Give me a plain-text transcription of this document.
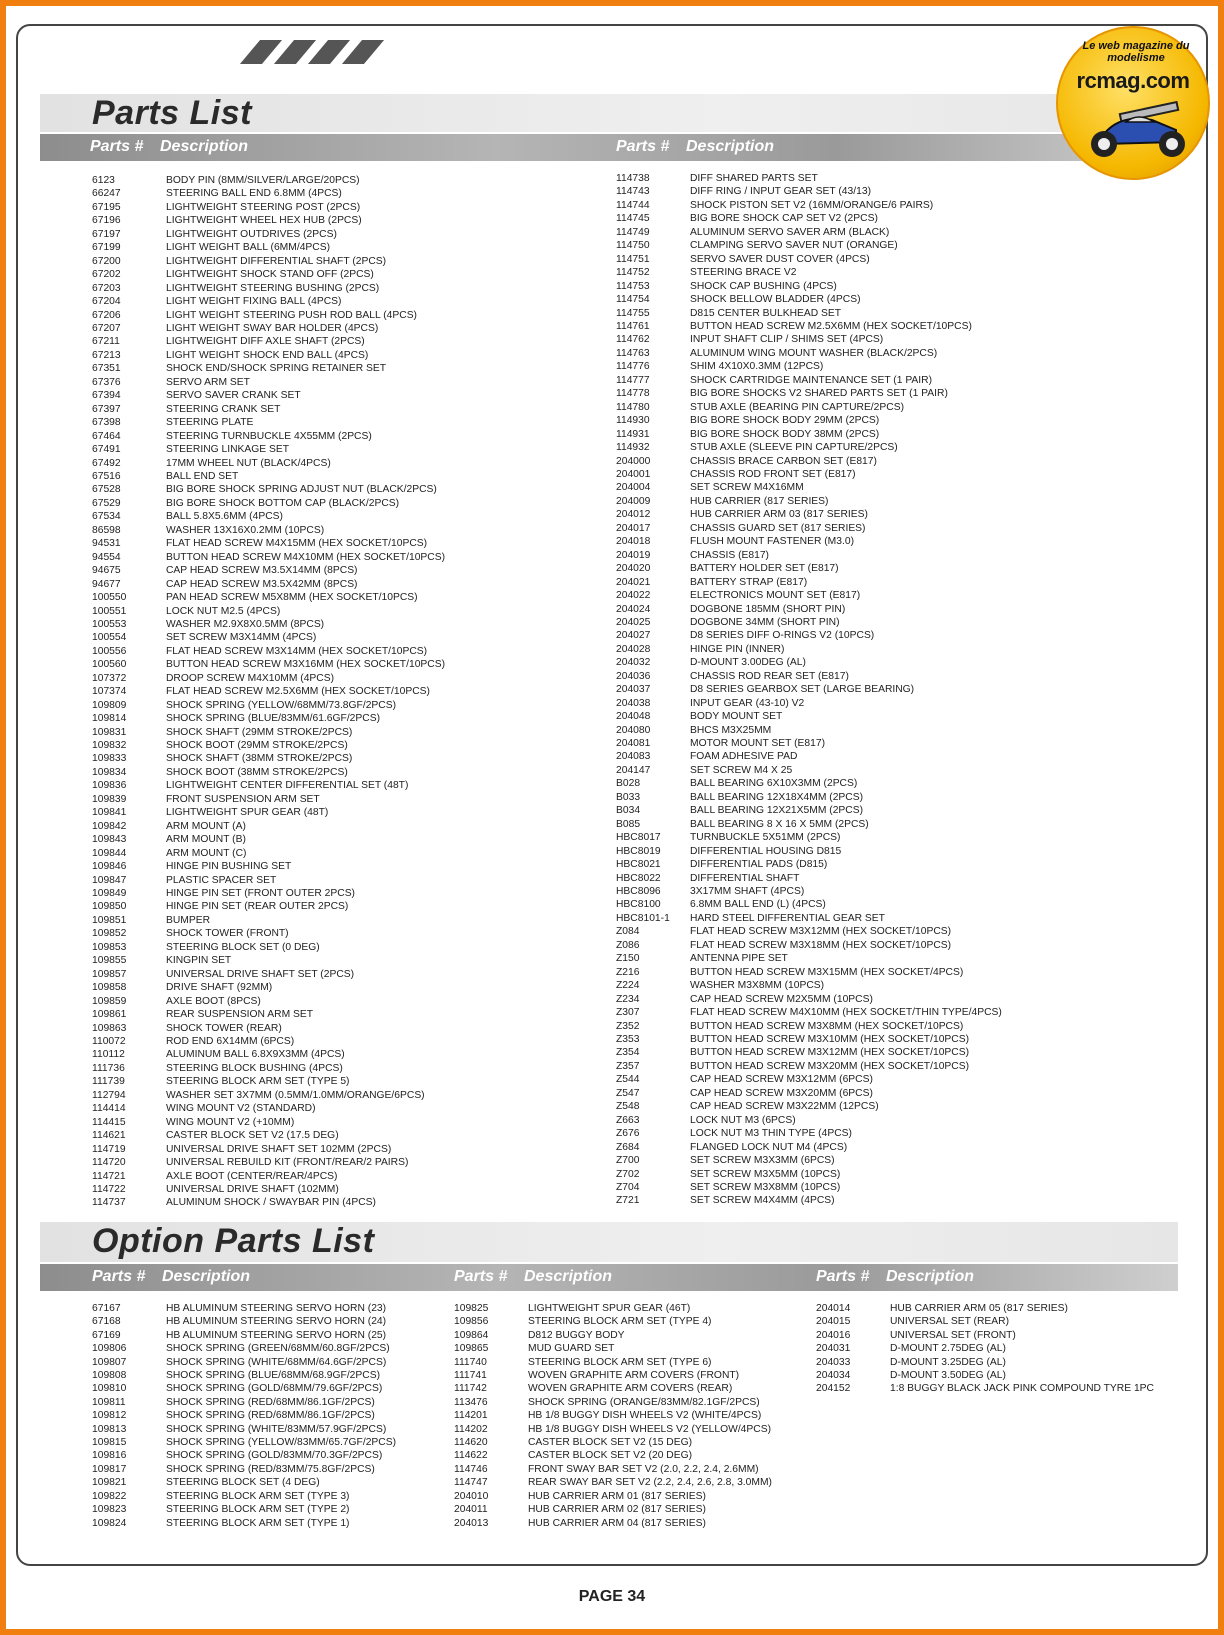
Parts List
Parts # Description	Parts # Description
6123	BODY PIN (8MM/SILVER/LARGE/20PCS)
66247	STEERING BALL END 6.8MM (4PCS)
67195	LIGHTWEIGHT STEERING POST (2PCS)
67196	LIGHTWEIGHT WHEEL HEX HUB (2PCS)
67197	LIGHTWEIGHT OUTDRIVES (2PCS)
67199	LIGHT WEIGHT BALL (6MM/4PCS)
67200	LIGHTWEIGHT DIFFERENTIAL SHAFT (2PCS)
67202	LIGHTWEIGHT SHOCK STAND OFF (2PCS)
67203	LIGHTWEIGHT STEERING BUSHING (2PCS)
67204	LIGHT WEIGHT FIXING BALL (4PCS)
67206	LIGHT WEIGHT STEERING PUSH ROD BALL (4PCS)
67207	LIGHT WEIGHT SWAY BAR HOLDER (4PCS)
67211	LIGHTWEIGHT DIFF AXLE SHAFT (2PCS)
67213	LIGHT WEIGHT SHOCK END BALL (4PCS)
67351	SHOCK END/SHOCK SPRING RETAINER SET
67376	SERVO ARM SET
67394	SERVO SAVER CRANK SET
67397	STEERING CRANK SET
67398	STEERING PLATE
67464	STEERING TURNBUCKLE 4X55MM (2PCS)
67491	STEERING LINKAGE SET
67492	17MM WHEEL NUT (BLACK/4PCS)
67516	BALL END SET
67528	BIG BORE SHOCK SPRING ADJUST NUT (BLACK/2PCS)
67529	BIG BORE SHOCK BOTTOM CAP (BLACK/2PCS)
67534	BALL 5.8X5.6MM (4PCS)
86598	WASHER 13X16X0.2MM (10PCS)
94531	FLAT HEAD SCREW M4X15MM (HEX SOCKET/10PCS)
94554	BUTTON HEAD SCREW M4X10MM (HEX SOCKET/10PCS)
94675	CAP HEAD SCREW M3.5X14MM (8PCS)
94677	CAP HEAD SCREW M3.5X42MM (8PCS)
100550	PAN HEAD SCREW M5X8MM (HEX SOCKET/10PCS)
100551	LOCK NUT M2.5 (4PCS)
100553	WASHER M2.9X8X0.5MM (8PCS)
100554	SET SCREW M3X14MM (4PCS)
100556	FLAT HEAD SCREW M3X14MM (HEX SOCKET/10PCS)
100560	BUTTON HEAD SCREW M3X16MM (HEX SOCKET/10PCS)
107372	DROOP SCREW M4X10MM (4PCS)
107374	FLAT HEAD SCREW M2.5X6MM (HEX SOCKET/10PCS)
109809	SHOCK SPRING (YELLOW/68MM/73.8GF/2PCS)
109814	SHOCK SPRING (BLUE/83MM/61.6GF/2PCS)
109831	SHOCK SHAFT (29MM STROKE/2PCS)
109832	SHOCK BOOT (29MM STROKE/2PCS)
109833	SHOCK SHAFT (38MM STROKE/2PCS)
109834	SHOCK BOOT (38MM STROKE/2PCS)
109836	LIGHTWEIGHT CENTER DIFFERENTIAL SET (48T)
109839	FRONT SUSPENSION ARM SET
109841	LIGHTWEIGHT SPUR GEAR (48T)
109842	ARM MOUNT (A)
109843	ARM MOUNT (B)
109844	ARM MOUNT (C)
109846	HINGE PIN BUSHING SET
109847	PLASTIC SPACER SET
109849	HINGE PIN SET (FRONT OUTER 2PCS)
109850	HINGE PIN SET (REAR OUTER 2PCS)
109851	BUMPER
109852	SHOCK TOWER (FRONT)
109853	STEERING BLOCK SET (0 DEG)
109855	KINGPIN SET
109857	UNIVERSAL DRIVE SHAFT SET (2PCS)
109858	DRIVE SHAFT (92MM)
109859	AXLE BOOT (8PCS)
109861	REAR SUSPENSION ARM SET
109863	SHOCK TOWER (REAR)
110072	ROD END 6X14MM (6PCS)
110112	ALUMINUM BALL 6.8X9X3MM (4PCS)
111736	STEERING BLOCK BUSHING (4PCS)
111739	STEERING BLOCK ARM SET (TYPE 5)
112794	WASHER SET 3X7MM (0.5MM/1.0MM/ORANGE/6PCS)
114414	WING MOUNT V2 (STANDARD)
114415	WING MOUNT V2 (+10MM)
114621	CASTER BLOCK SET V2 (17.5 DEG)
114719	UNIVERSAL DRIVE SHAFT SET 102MM (2PCS)
114720	UNIVERSAL REBUILD KIT (FRONT/REAR/2 PAIRS)
114721	AXLE BOOT (CENTER/REAR/4PCS)
114722	UNIVERSAL DRIVE SHAFT (102MM)
114737	ALUMINUM SHOCK / SWAYBAR PIN (4PCS)
114738	DIFF SHARED PARTS SET
114743	DIFF RING / INPUT GEAR SET (43/13)
114744	SHOCK PISTON SET V2 (16MM/ORANGE/6 PAIRS)
114745	BIG BORE SHOCK CAP SET V2 (2PCS)
114749	ALUMINUM SERVO SAVER ARM (BLACK)
114750	CLAMPING SERVO SAVER NUT (ORANGE)
114751	SERVO SAVER DUST COVER (4PCS)
114752	STEERING BRACE V2
114753	SHOCK CAP BUSHING (4PCS)
114754	SHOCK BELLOW BLADDER (4PCS)
114755	D815 CENTER BULKHEAD SET
114761	BUTTON HEAD SCREW M2.5X6MM (HEX SOCKET/10PCS)
114762	INPUT SHAFT CLIP / SHIMS SET (4PCS)
114763	ALUMINUM WING MOUNT WASHER (BLACK/2PCS)
114776	SHIM 4X10X0.3MM (12PCS)
114777	SHOCK CARTRIDGE MAINTENANCE SET (1 PAIR)
114778	BIG BORE SHOCKS V2 SHARED PARTS SET (1 PAIR)
114780	STUB AXLE (BEARING PIN CAPTURE/2PCS)
114930	BIG BORE SHOCK BODY 29MM (2PCS)
114931	BIG BORE SHOCK BODY 38MM (2PCS)
114932	STUB AXLE (SLEEVE PIN CAPTURE/2PCS)
204000	CHASSIS BRACE CARBON SET (E817)
204001	CHASSIS ROD FRONT SET (E817)
204004	SET SCREW M4X16MM
204009	HUB CARRIER (817 SERIES)
204012	HUB CARRIER ARM 03 (817 SERIES)
204017	CHASSIS GUARD SET (817 SERIES)
204018	FLUSH MOUNT FASTENER (M3.0)
204019	CHASSIS (E817)
204020	BATTERY HOLDER SET (E817)
204021	BATTERY STRAP (E817)
204022	ELECTRONICS MOUNT SET (E817)
204024	DOGBONE 185MM (SHORT PIN)
204025	DOGBONE 34MM (SHORT PIN)
204027	D8 SERIES DIFF O-RINGS V2 (10PCS)
204028	HINGE PIN (INNER)
204032	D-MOUNT 3.00DEG (AL)
204036	CHASSIS ROD REAR SET (E817)
204037	D8 SERIES GEARBOX SET (LARGE BEARING)
204038	INPUT GEAR (43-10) V2
204048	BODY MOUNT SET
204080	BHCS M3X25MM
204081	MOTOR MOUNT SET (E817)
204083	FOAM ADHESIVE PAD
204147	SET SCREW M4 X 25
B028	BALL BEARING 6X10X3MM (2PCS)
B033	BALL BEARING 12X18X4MM (2PCS)
B034	BALL BEARING 12X21X5MM (2PCS)
B085	BALL BEARING 8 X 16 X 5MM (2PCS)
HBC8017	TURNBUCKLE 5X51MM (2PCS)
HBC8019	DIFFERENTIAL HOUSING D815
HBC8021	DIFFERENTIAL PADS (D815)
HBC8022	DIFFERENTIAL SHAFT
HBC8096	3X17MM SHAFT (4PCS)
HBC8100	6.8MM BALL END (L) (4PCS)
HBC8101-1	HARD STEEL DIFFERENTIAL GEAR SET
Z084	FLAT HEAD SCREW M3X12MM (HEX SOCKET/10PCS)
Z086	FLAT HEAD SCREW M3X18MM (HEX SOCKET/10PCS)
Z150	ANTENNA PIPE SET
Z216	BUTTON HEAD SCREW M3X15MM (HEX SOCKET/4PCS)
Z224	WASHER M3X8MM (10PCS)
Z234	CAP HEAD SCREW M2X5MM (10PCS)
Z307	FLAT HEAD SCREW M4X10MM (HEX SOCKET/THIN TYPE/4PCS)
Z352	BUTTON HEAD SCREW M3X8MM (HEX SOCKET/10PCS)
Z353	BUTTON HEAD SCREW M3X10MM (HEX SOCKET/10PCS)
Z354	BUTTON HEAD SCREW M3X12MM (HEX SOCKET/10PCS)
Z357	BUTTON HEAD SCREW M3X20MM (HEX SOCKET/10PCS)
Z544	CAP HEAD SCREW M3X12MM (6PCS)
Z547	CAP HEAD SCREW M3X20MM (6PCS)
Z548	CAP HEAD SCREW M3X22MM (12PCS)
Z663	LOCK NUT M3 (6PCS)
Z676	LOCK NUT M3 THIN TYPE (4PCS)
Z684	FLANGED LOCK NUT M4 (4PCS)
Z700	SET SCREW M3X3MM (6PCS)
Z702	SET SCREW M3X5MM (10PCS)
Z704	SET SCREW M3X8MM (10PCS)
Z721	SET SCREW M4X4MM (4PCS)
Option Parts List
Parts # Description	Parts # Description	Parts # Description
67167	HB ALUMINUM STEERING SERVO HORN (23)
67168	HB ALUMINUM STEERING SERVO HORN (24)
67169	HB ALUMINUM STEERING SERVO HORN (25)
109806	SHOCK SPRING (GREEN/68MM/60.8GF/2PCS)
109807	SHOCK SPRING (WHITE/68MM/64.6GF/2PCS)
109808	SHOCK SPRING (BLUE/68MM/68.9GF/2PCS)
109810	SHOCK SPRING (GOLD/68MM/79.6GF/2PCS)
109811	SHOCK SPRING (RED/68MM/86.1GF/2PCS)
109812	SHOCK SPRING (RED/68MM/86.1GF/2PCS)
109813	SHOCK SPRING (WHITE/83MM/57.9GF/2PCS)
109815	SHOCK SPRING (YELLOW/83MM/65.7GF/2PCS)
109816	SHOCK SPRING (GOLD/83MM/70.3GF/2PCS)
109817	SHOCK SPRING (RED/83MM/75.8GF/2PCS)
109821	STEERING BLOCK SET (4 DEG)
109822	STEERING BLOCK ARM SET (TYPE 3)
109823	STEERING BLOCK ARM SET (TYPE 2)
109824	STEERING BLOCK ARM SET (TYPE 1)
109825	LIGHTWEIGHT SPUR GEAR (46T)
109856	STEERING BLOCK ARM SET (TYPE 4)
109864	D812 BUGGY BODY
109865	MUD GUARD SET
111740	STEERING BLOCK ARM SET (TYPE 6)
111741	WOVEN GRAPHITE ARM COVERS (FRONT)
111742	WOVEN GRAPHITE ARM COVERS (REAR)
113476	SHOCK SPRING (ORANGE/83MM/82.1GF/2PCS)
114201	HB 1/8 BUGGY DISH WHEELS V2 (WHITE/4PCS)
114202	HB 1/8 BUGGY DISH WHEELS V2 (YELLOW/4PCS)
114620	CASTER BLOCK SET V2 (15 DEG)
114622	CASTER BLOCK SET V2 (20 DEG)
114746	FRONT SWAY BAR SET V2 (2.0, 2.2, 2.4, 2.6MM)
114747	REAR SWAY BAR SET V2 (2.2, 2.4, 2.6, 2.8, 3.0MM)
204010	HUB CARRIER ARM 01 (817 SERIES)
204011	HUB CARRIER ARM 02 (817 SERIES)
204013	HUB CARRIER ARM 04 (817 SERIES)
204014	HUB CARRIER ARM 05 (817 SERIES)
204015	UNIVERSAL SET (REAR)
204016	UNIVERSAL SET (FRONT)
204031	D-MOUNT 2.75DEG (AL)
204033	D-MOUNT 3.25DEG (AL)
204034	D-MOUNT 3.50DEG (AL)
204152	1:8 BUGGY BLACK JACK PINK COMPOUND TYRE 1PC
Le web magazine du modelisme
rcmag.com
PAGE 34
